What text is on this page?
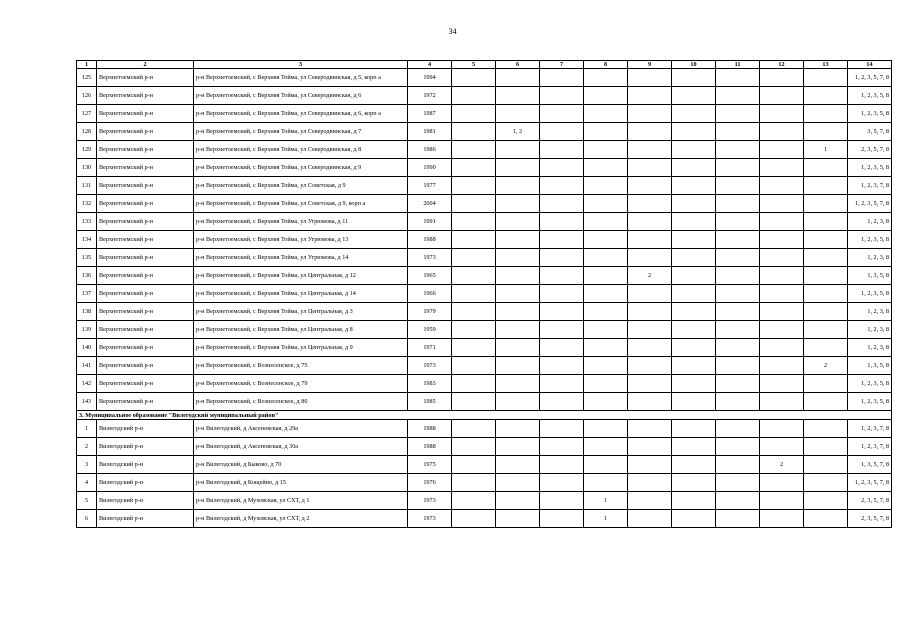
34
1	2	3	4	5	6	7	8	9	10	11	12	13	14
125	Верхнетоемский р-н	р-н Верхнетоемский, с Верхняя Тойма, ул Северодвинская, д 5, корп а	1994										1, 2, 3, 5, 7, 8
126	Верхнетоемский р-н	р-н Верхнетоемский, с Верхняя Тойма, ул Северодвинская, д 6	1972										1, 2, 3, 5, 8
127	Верхнетоемский р-н	р-н Верхнетоемский, с Верхняя Тойма, ул Северодвинская, д 6, корп а	1987										1, 2, 3, 5, 8
128	Верхнетоемский р-н	р-н Верхнетоемский, с Верхняя Тойма, ул Северодвинская, д 7	1981		1, 2								3, 5, 7, 8
129	Верхнетоемский р-н	р-н Верхнетоемский, с Верхняя Тойма, ул Северодвинская, д 8	1986									1	2, 3, 5, 7, 8
130	Верхнетоемский р-н	р-н Верхнетоемский, с Верхняя Тойма, ул Северодвинская, д 9	1990										1, 2, 3, 5, 8
131	Верхнетоемский р-н	р-н Верхнетоемский, с Верхняя Тойма, ул Советская, д 9	1977										1, 2, 3, 7, 8
132	Верхнетоемский р-н	р-н Верхнетоемский, с Верхняя Тойма, ул Советская, д 9, корп а	2004										1, 2, 3, 5, 7, 8
133	Верхнетоемский р-н	р-н Верхнетоемский, с Верхняя Тойма, ул Угрюмова, д 11	1991										1, 2, 3, 8
134	Верхнетоемский р-н	р-н Верхнетоемский, с Верхняя Тойма, ул Угрюмова, д 13	1988										1, 2, 3, 5, 8
135	Верхнетоемский р-н	р-н Верхнетоемский, с Верхняя Тойма, ул Угрюмова, д 14	1973										1, 2, 3, 8
136	Верхнетоемский р-н	р-н Верхнетоемский, с Верхняя Тойма, ул Центральная, д 12	1965					2					1, 3, 5, 8
137	Верхнетоемский р-н	р-н Верхнетоемский, с Верхняя Тойма, ул Центральная, д 14	1966										1, 2, 3, 5, 8
138	Верхнетоемский р-н	р-н Верхнетоемский, с Верхняя Тойма, ул Центральная, д 3	1979										1, 2, 3, 8
139	Верхнетоемский р-н	р-н Верхнетоемский, с Верхняя Тойма, ул Центральная, д 8	1959										1, 2, 3, 8
140	Верхнетоемский р-н	р-н Верхнетоемский, с Верхняя Тойма, ул Центральная, д 9	1971										1, 2, 3, 8
141	Верхнетоемский р-н	р-н Верхнетоемский, с Вознесенское, д 75	1973									2	1, 3, 5, 8
142	Верхнетоемский р-н	р-н Верхнетоемский, с Вознесенское, д 79	1983										1, 2, 3, 5, 8
143	Верхнетоемский р-н	р-н Верхнетоемский, с Вознесенское, д 80	1985										1, 2, 3, 5, 8
3. Муниципальное образование "Вилегодский муниципальный район"													
1	Вилегодский р-н	р-н Вилегодский, д Аксеновская, д 29а	1988										1, 2, 3, 7, 8
2	Вилегодский р-н	р-н Вилегодский, д Аксеновская, д 30а	1988										1, 2, 3, 7, 8
3	Вилегодский р-н	р-н Вилегодский, д Быково, д 70	1975								2		1, 3, 5, 7, 8
4	Вилегодский р-н	р-н Вилегодский, д Кощейно, д 15	1976										1, 2, 3, 5, 7, 8
5	Вилегодский р-н	р-н Вилегодский, д Муховская, ул СХТ, д 1	1973				1						2, 3, 5, 7, 8
6	Вилегодский р-н	р-н Вилегодский, д Муховская, ул СХТ, д 2	1973				1						2, 3, 5, 7, 8
